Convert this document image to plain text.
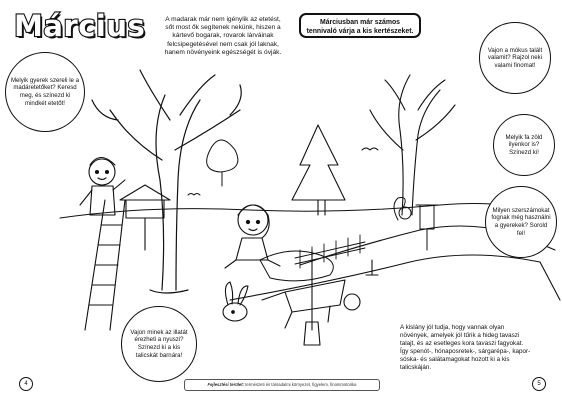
Március	A madarak már nem igénylik az etetést, sőt most ők segítenek nekünk, hiszen a kártevő bogarak, rovarok lárváinak felcsipegetésével nem csak jól laknak, hanem növényeink egészségét is óvják.
Márciusban már számos tennivaló várja a kis kertészeket.
Melyik gyerek szereli le a madáretetőket? Keresd meg, és színezd ki mindkét etetőt!
Vajon a mókus talált valamit? Rajzol neki valami finomat!
Melyik fa zöld ilyenkor is? Színezd ki!
Milyen szerszámokat fognak még használni a gyerekek? Sorold fel!
Vajon minek az illatát érezheti a nyuszi? Színezd ki a kis talicskát barnára!
A kislány jól tudja, hogy vannak olyan növények, amelyek jól tűrik a hideg tavaszi talajt, és az esetleges kora tavaszi fagyokat. Így spenót-, hónaposretek-, sárgarépa-, kapor- sóska- és salátamagokat hozott ki a kis talicskáján.
4	5
Fejlesztési terület: természeti és társadalmi környezet, figyelem, finommotorika
